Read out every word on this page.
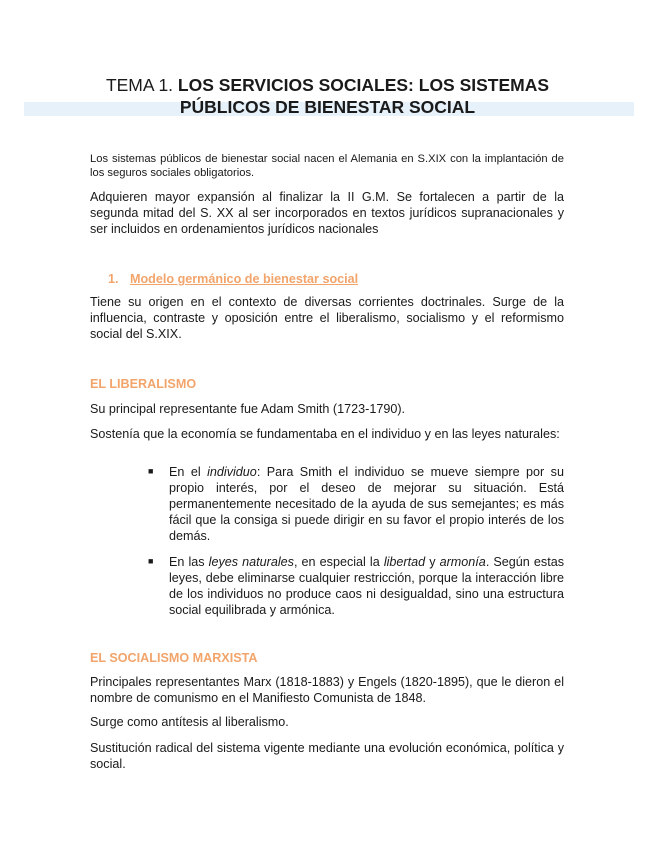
TEMA 1. LOS SERVICIOS SOCIALES: LOS SISTEMAS
PÚBLICOS DE BIENESTAR SOCIAL
Los sistemas públicos de bienestar social nacen el Alemania en S.XIX con la implantación de los seguros sociales obligatorios.
Adquieren mayor expansión al finalizar la II G.M. Se fortalecen a partir de la segunda mitad del S. XX al ser incorporados en textos jurídicos supranacionales y ser incluidos en ordenamientos jurídicos nacionales
1. Modelo germánico de bienestar social
Tiene su origen en el contexto de diversas corrientes doctrinales. Surge de la influencia, contraste y oposición entre el liberalismo, socialismo y el reformismo social del S.XIX.
EL LIBERALISMO
Su principal representante fue Adam Smith (1723-1790).
Sostenía que la economía se fundamentaba en el individuo y en las leyes naturales:
■ En el individuo: Para Smith el individuo se mueve siempre por su propio interés, por el deseo de mejorar su situación. Está permanentemente necesitado de la ayuda de sus semejantes; es más fácil que la consiga si puede dirigir en su favor el propio interés de los demás.
■ En las leyes naturales, en especial la libertad y armonía. Según estas leyes, debe eliminarse cualquier restricción, porque la interacción libre de los individuos no produce caos ni desigualdad, sino una estructura social equilibrada y armónica.
EL SOCIALISMO MARXISTA
Principales representantes Marx (1818-1883) y Engels (1820-1895), que le dieron el nombre de comunismo en el Manifiesto Comunista de 1848.
Surge como antítesis al liberalismo.
Sustitución radical del sistema vigente mediante una evolución económica, política y social.
